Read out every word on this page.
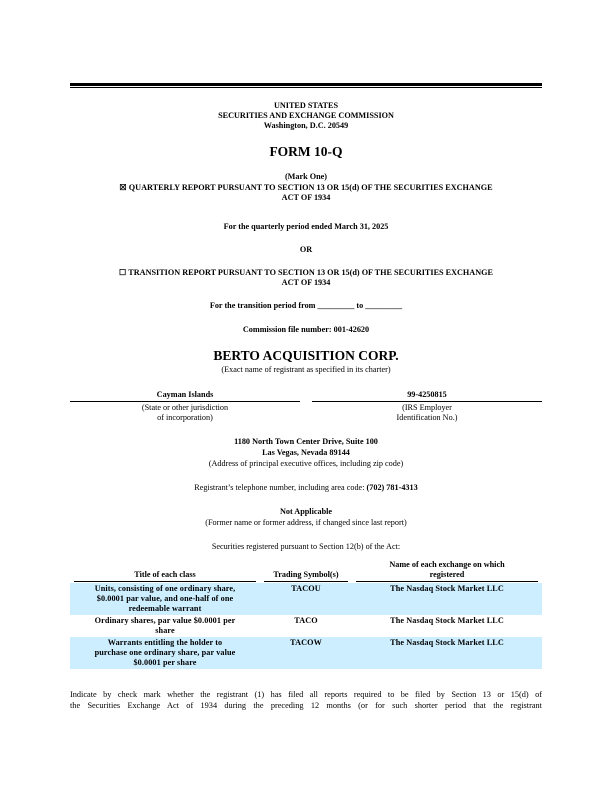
UNITED STATES
SECURITIES AND EXCHANGE COMMISSION
Washington, D.C. 20549
FORM 10-Q
(Mark One)
☒ QUARTERLY REPORT PURSUANT TO SECTION 13 OR 15(d) OF THE SECURITIES EXCHANGE
ACT OF 1934
For the quarterly period ended March 31, 2025
OR
☐ TRANSITION REPORT PURSUANT TO SECTION 13 OR 15(d) OF THE SECURITIES EXCHANGE
ACT OF 1934
For the transition period from _________ to _________
Commission file number: 001-42620
BERTO ACQUISITION CORP.
(Exact name of registrant as specified in its charter)
Cayman Islands
(State or other jurisdiction
of incorporation)
99-4250815
(IRS Employer
Identification No.)
1180 North Town Center Drive, Suite 100
Las Vegas, Nevada 89144
(Address of principal executive offices, including zip code)
Registrant’s telephone number, including area code: (702) 781-4313
Not Applicable
(Former name or former address, if changed since last report)
Securities registered pursuant to Section 12(b) of the Act:
Title of each class	Trading Symbol(s)	Name of each exchange on which
registered

Units, consisting of one ordinary share,
$0.0001 par value, and one-half of one
redeemable warrant	TACOU	The Nasdaq Stock Market LLC

Ordinary shares, par value $0.0001 per
share	TACO	The Nasdaq Stock Market LLC

Warrants entitling the holder to
purchase one ordinary share, par value
$0.0001 per share	TACOW	The Nasdaq Stock Market LLC
Indicate by check mark whether the registrant (1) has filed all reports required to be filed by Section 13 or 15(d) of
the Securities Exchange Act of 1934 during the preceding 12 months (or for such shorter period that the registrant
